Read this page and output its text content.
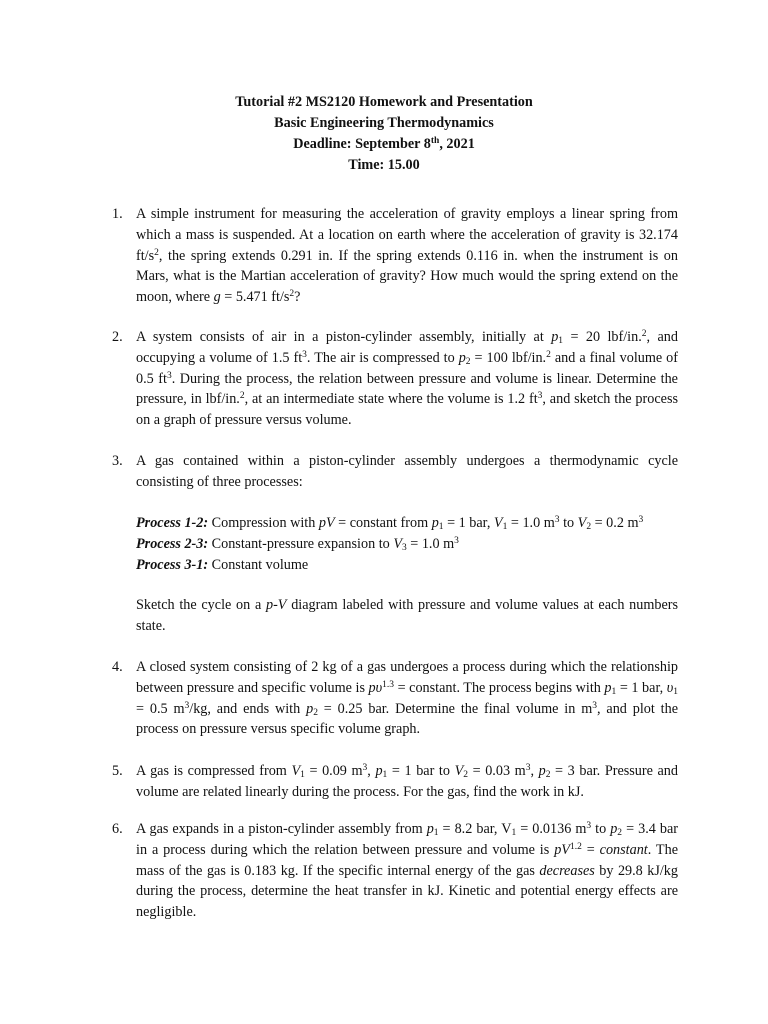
Tutorial #2 MS2120 Homework and Presentation
Basic Engineering Thermodynamics
Deadline: September 8th, 2021
Time: 15.00
1. A simple instrument for measuring the acceleration of gravity employs a linear spring from which a mass is suspended. At a location on earth where the acceleration of gravity is 32.174 $ft/s^2$, the spring extends 0.291 in. If the spring extends 0.116 in. when the instrument is on Mars, what is the Martian acceleration of gravity? How much would the spring extend on the moon, where g = 5.471 $ft/s^2$?
2. A system consists of air in a piston-cylinder assembly, initially at $p_1 = 20$ lbf/in.$^2$, and occupying a volume of 1.5 $ft^3$. The air is compressed to $p_2 = 100$ lbf/in.$^2$ and a final volume of 0.5 $ft^3$. During the process, the relation between pressure and volume is linear. Determine the pressure, in lbf/in.$^2$, at an intermediate state where the volume is 1.2 $ft^3$, and sketch the process on a graph of pressure versus volume.
3. A gas contained within a piston-cylinder assembly undergoes a thermodynamic cycle consisting of three processes:
Process 1-2: Compression with pV = constant from $p_1 = 1$ bar, $V_1 = 1.0$ $m^3$ to $V_2 = 0.2$ $m^3$
Process 2-3: Constant-pressure expansion to $V_3 = 1.0$ $m^3$
Process 3-1: Constant volume
Sketch the cycle on a p-V diagram labeled with pressure and volume values at each numbers state.
4. A closed system consisting of 2 kg of a gas undergoes a process during which the relationship between pressure and specific volume is $p\upsilon^{1.3}$ = constant. The process begins with $p_1 = 1$ bar, $\upsilon_1 = 0.5$ $m^3/kg$, and ends with $p_2 = 0.25$ bar. Determine the final volume in $m^3$, and plot the process on pressure versus specific volume graph.
5. A gas is compressed from $V_1 = 0.09$ $m^3$, $p_1 = 1$ bar to $V_2 = 0.03$ $m^3$, $p_2 = 3$ bar. Pressure and volume are related linearly during the process. For the gas, find the work in kJ.
6. A gas expands in a piston-cylinder assembly from $p_1 = 8.2$ bar, $V_1 = 0.0136$ $m^3$ to $p_2 = 3.4$ bar in a process during which the relation between pressure and volume is $pV^{1.2}$ = constant. The mass of the gas is 0.183 kg. If the specific internal energy of the gas decreases by 29.8 kJ/kg during the process, determine the heat transfer in kJ. Kinetic and potential energy effects are negligible.
